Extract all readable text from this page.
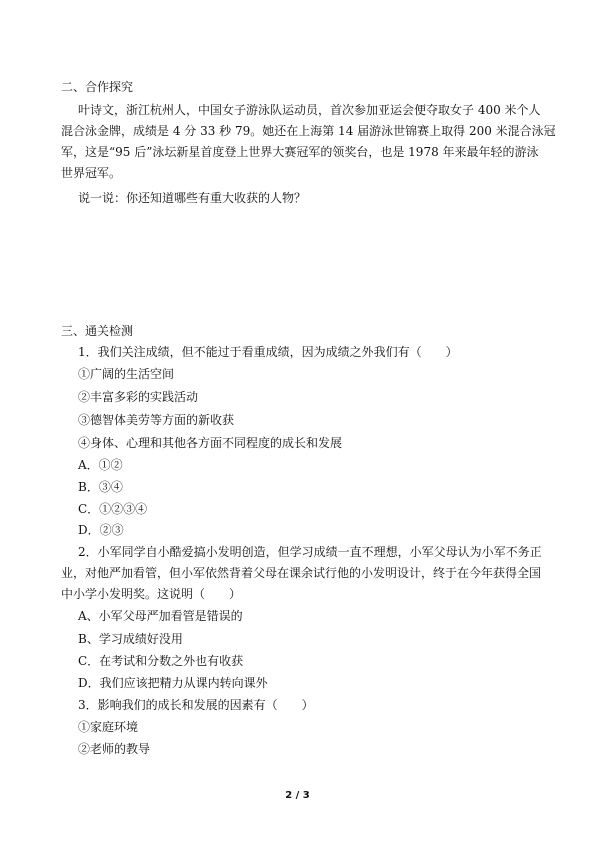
二、合作探究
叶诗文，浙江杭州人，中国女子游泳队运动员，首次参加亚运会便夺取女子 400 米个人
混合泳金牌，成绩是 4 分 33 秒 79。她还在上海第 14 届游泳世锦赛上取得 200 米混合泳冠
军，这是“95 后”泳坛新星首度登上世界大赛冠军的领奖台，也是 1978 年来最年轻的游泳
世界冠军。
说一说：你还知道哪些有重大收获的人物？
三、通关检测
1．我们关注成绩，但不能过于看重成绩，因为成绩之外我们有（　　）
①广阔的生活空间
②丰富多彩的实践活动
③德智体美劳等方面的新收获
④身体、心理和其他各方面不同程度的成长和发展
A．①②
B．③④
C．①②③④
D．②③
2．小军同学自小酷爱搞小发明创造，但学习成绩一直不理想，小军父母认为小军不务正
业，对他严加看管，但小军依然背着父母在课余试行他的小发明设计，终于在今年获得全国
中小学小发明奖。这说明（　　）
A、小军父母严加看管是错误的
B、学习成绩好没用
C．在考试和分数之外也有收获
D．我们应该把精力从课内转向课外
3．影响我们的成长和发展的因素有（　　）
①家庭环境
②老师的教导
2 / 3
